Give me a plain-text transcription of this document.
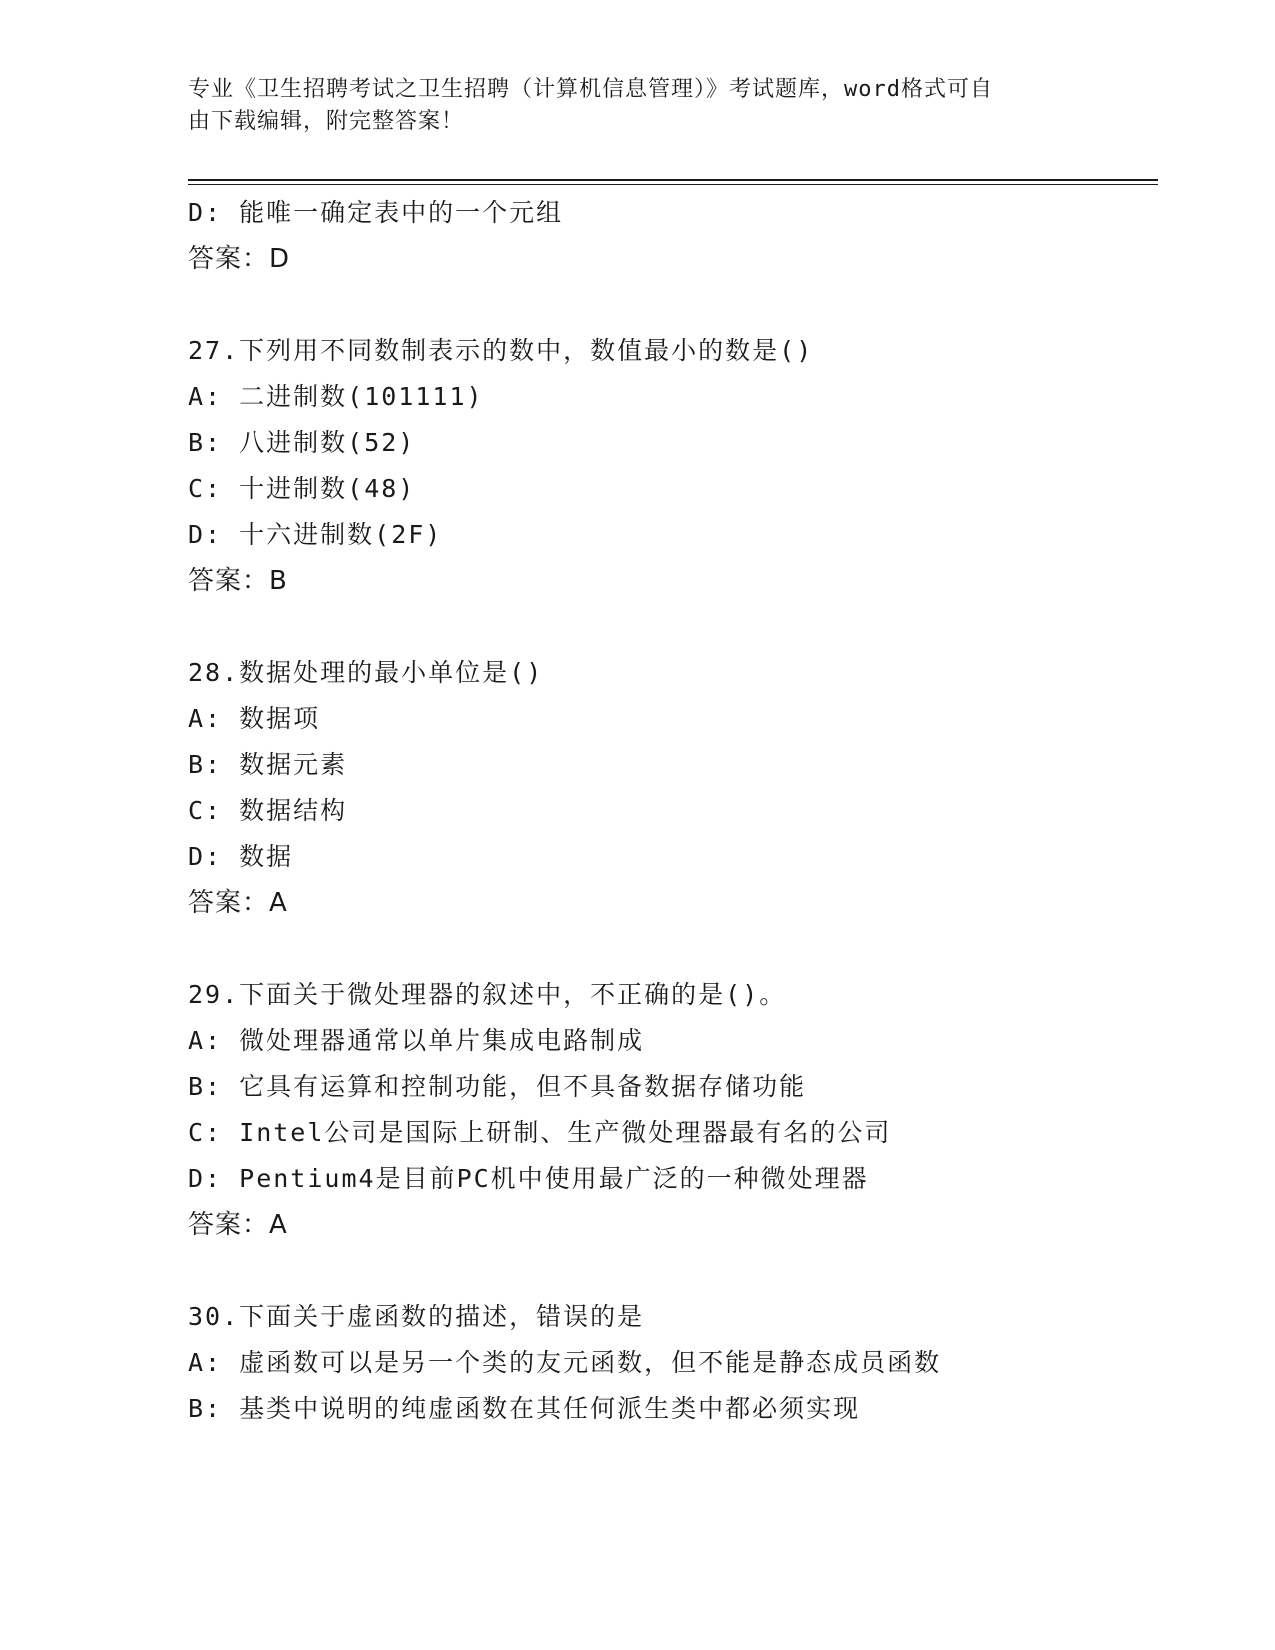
专业《卫生招聘考试之卫生招聘（计算机信息管理）》考试题库，word格式可自
由下载编辑，附完整答案！
D: 能唯一确定表中的一个元组
答案：D
27.下列用不同数制表示的数中，数值最小的数是()
A: 二进制数(101111)
B: 八进制数(52)
C: 十进制数(48)
D: 十六进制数(2F)
答案：B
28.数据处理的最小单位是()
A: 数据项
B: 数据元素
C: 数据结构
D: 数据
答案：A
29.下面关于微处理器的叙述中，不正确的是()。
A: 微处理器通常以单片集成电路制成
B: 它具有运算和控制功能，但不具备数据存储功能
C: Intel公司是国际上研制、生产微处理器最有名的公司
D: Pentium4是目前PC机中使用最广泛的一种微处理器
答案：A
30.下面关于虚函数的描述，错误的是
A: 虚函数可以是另一个类的友元函数，但不能是静态成员函数
B: 基类中说明的纯虚函数在其任何派生类中都必须实现
